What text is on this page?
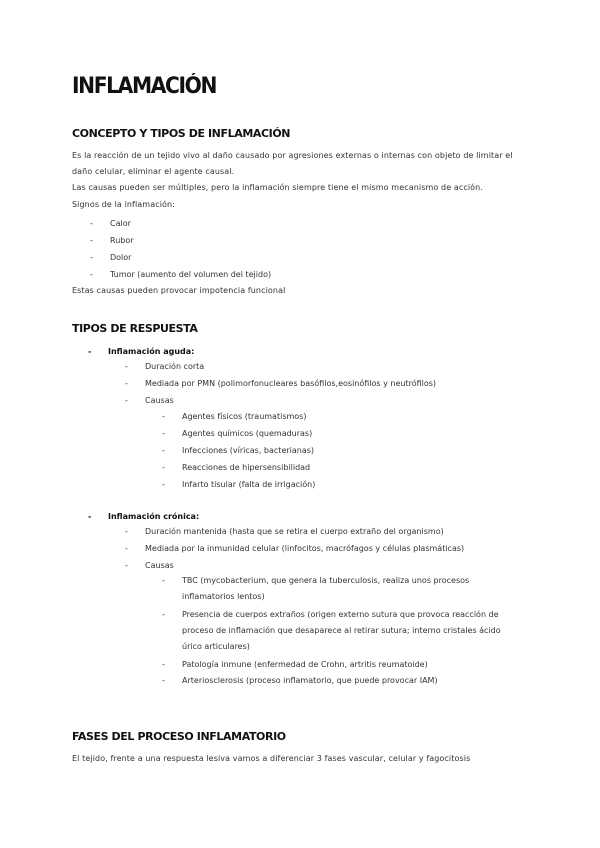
INFLAMACIÓN
CONCEPTO Y TIPOS DE INFLAMACIÓN

Es la reacción de un tejido vivo al daño causado por agresiones externas o internas con objeto de limitar el daño celular, eliminar el agente causal.

Las causas pueden ser múltiples, pero la inflamación siempre tiene el mismo mecanismo de acción.

Signos de la inflamación:

- Calor
- Rubor
- Dolor
- Tumor (aumento del volumen del tejido)

Estas causas pueden provocar impotencia funcional

TIPOS DE RESPUESTA
- Inflamación aguda:
- Duración corta
- Mediada por PMN (polimorfonucleares basófilos,eosinófilos y neutrófilos)
- Causas
- Agentes físicos (traumatismos)
- Agentes químicos (quemaduras)
- Infecciones (víricas, bacterianas)
- Reacciones de hipersensibilidad
- Infarto tisular (falta de irrigación)
- Inflamación crónica:
- Duración mantenida (hasta que se retira el cuerpo extraño del organismo)
- Mediada por la inmunidad celular (linfocitos, macrófagos y células plasmáticas)
- Causas
- TBC (mycobacterium, que genera la tuberculosis, realiza unos procesos inflamatorios lentos)
- Presencia de cuerpos extraños (origen externo sutura que provoca reacción de proceso de inflamación que desaparece al retirar sutura; interno cristales ácido úrico articulares)
- Patología inmune (enfermedad de Crohn, artritis reumatoide)
- Arteriosclerosis (proceso inflamatorio, que puede provocar IAM)
FASES DEL PROCESO INFLAMATORIO

El tejido, frente a una respuesta lesiva vamos a diferenciar 3 fases vascular, celular y fagocitosis
